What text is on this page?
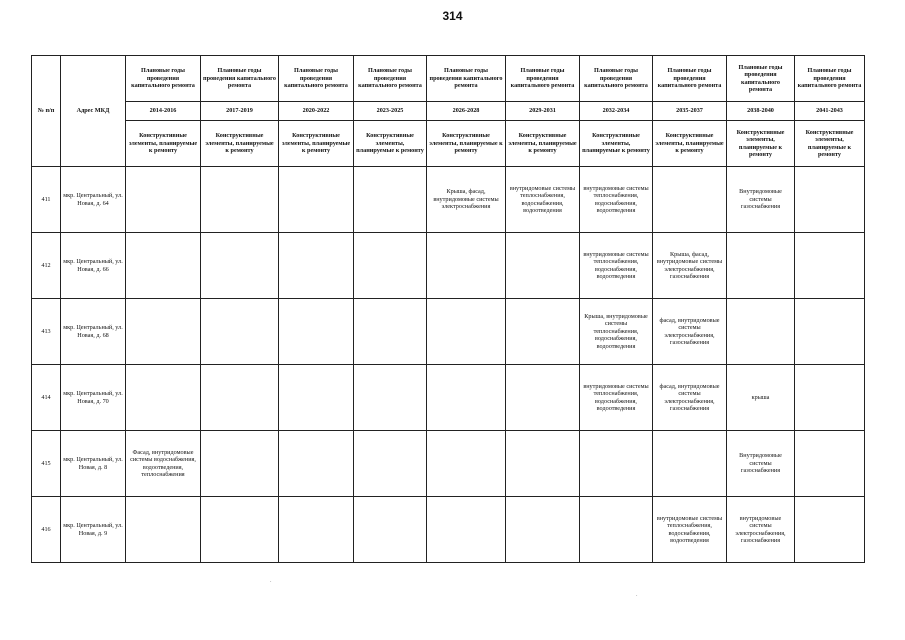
314
№ п/п	Адрес МКД	Плановые годы проведения капитального ремонта	Плановые годы проведения капитального ремонта	Плановые годы проведения капитального ремонта	Плановые годы проведения капитального ремонта	Плановые годы проведения капитального ремонта	Плановые годы проведения капитального ремонта	Плановые годы проведения капитального ремонта	Плановые годы проведения капитального ремонта	Плановые годы проведения капитального ремонта	Плановые годы проведения капитального ремонта
		2014-2016	2017-2019	2020-2022	2023-2025	2026-2028	2029-2031	2032-2034	2035-2037	2038-2040	2041-2043
		Конструктивные элементы, планируемые к ремонту	Конструктивные элементы, планируемые к ремонту	Конструктивные элементы, планируемые к ремонту	Конструктивные элементы, планируемые к ремонту	Конструктивные элементы, планируемые к ремонту	Конструктивные элементы, планируемые к ремонту	Конструктивные элементы, планируемые к ремонту	Конструктивные элементы, планируемые к ремонту	Конструктивные элементы, планируемые к ремонту	Конструктивные элементы, планируемые к ремонту
411	мкр. Центральный, ул. Новая, д. 64					Крыша, фасад, внутридомовые системы электроснабжения	внутридомовые системы теплоснабжения, водоснабжения, водоотведения	внутридомовые системы теплоснабжения, водоснабжения, водоотведения		Внутридомовые системы газоснабжения	
412	мкр. Центральный, ул. Новая, д. 66							внутридомовые системы теплоснабжения, водоснабжения, водоотведения	Крыша, фасад, внутридомовые системы электроснабжения, газоснабжения		
413	мкр. Центральный, ул. Новая, д. 68							Крыша, внутридомовые системы теплоснабжения, водоснабжения, водоотведения	фасад, внутридомовые системы электроснабжения, газоснабжения		
414	мкр. Центральный, ул. Новая, д. 70							внутридомовые системы теплоснабжения, водоснабжения, водоотведения	фасад, внутридомовые системы электроснабжения, газоснабжения	крыша	
415	мкр. Центральный, ул. Новая, д. 8	Фасад, внутридомовые системы водоснабжения, водоотведения, теплоснабжения								Внутридомовые системы газоснабжения	
416	мкр. Центральный, ул. Новая, д. 9								внутридомовые системы теплоснабжения, водоснабжения, водоотведения	внутридомовые системы электроснабжения, газоснабжения	
.
.
